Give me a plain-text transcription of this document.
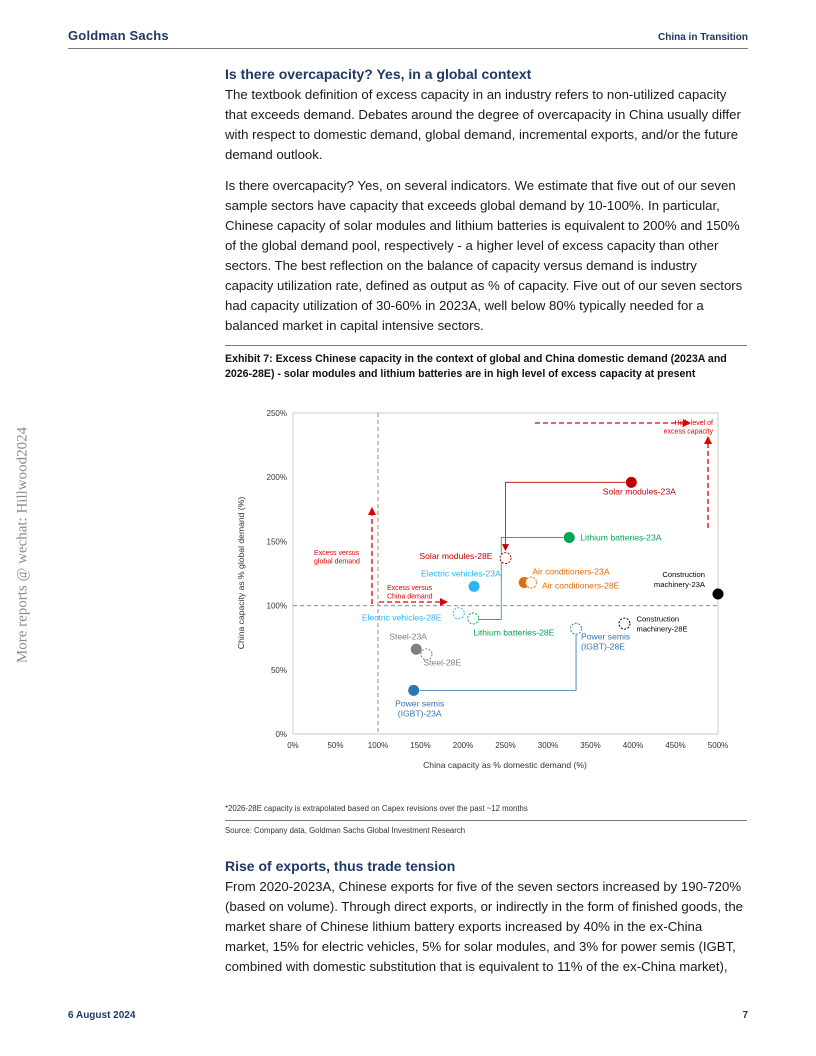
Goldman Sachs	China in Transition
More reports @ wechat: Hillwood2024
Is there overcapacity? Yes, in a global context

The textbook definition of excess capacity in an industry refers to non-utilized capacity that exceeds demand. Debates around the degree of overcapacity in China usually differ with respect to domestic demand, global demand, incremental exports, and/or the future demand outlook.

Is there overcapacity? Yes, on several indicators. We estimate that five out of our seven sample sectors have capacity that exceeds global demand by 10-100%. In particular, Chinese capacity of solar modules and lithium batteries is equivalent to 200% and 150% of the global demand pool, respectively - a higher level of excess capacity than other sectors. The best reflection on the balance of capacity versus demand is industry capacity utilization rate, defined as output as % of capacity. Five out of our seven sectors had capacity utilization of 30-60% in 2023A, well below 80% typically needed for a balanced market in capital intensive sectors.

Exhibit 7: Excess Chinese capacity in the context of global and China domestic demand (2023A and 2026-28E) - solar modules and lithium batteries are in high level of excess capacity at present
0%	50%	100%	150%	200%	250%	300%	350%	400%	450%	500%
0%
50%
100%
150%
200%
250%
Solar modules-23A
Solar modules-28E
Lithium batteries-23A
Lithium batteries-28E
Electric vehicles-23A
Electric vehicles-28E
Air conditioners-23A
Air conditioners-28E
Construction machinery-23A
Construction machinery-28E
Steel-23A
Steel-28E
Power semis (IGBT)-23A
Power semis (IGBT)-28E
High level of excess capacity
Excess versus global demand
Excess versus China demand
China capacity as % domestic demand (%)
China capacity as % global demand (%)
*2026-28E capacity is extrapolated based on Capex revisions over the past ~12 months
Source: Company data, Goldman Sachs Global Investment Research
Rise of exports, thus trade tension

From 2020-2023A, Chinese exports for five of the seven sectors increased by 190-720% (based on volume). Through direct exports, or indirectly in the form of finished goods, the market share of Chinese lithium battery exports increased by 40% in the ex-China market, 15% for electric vehicles, 5% for solar modules, and 3% for power semis (IGBT, combined with domestic substitution that is equivalent to 11% of the ex-China market),

6 August 2024	7
